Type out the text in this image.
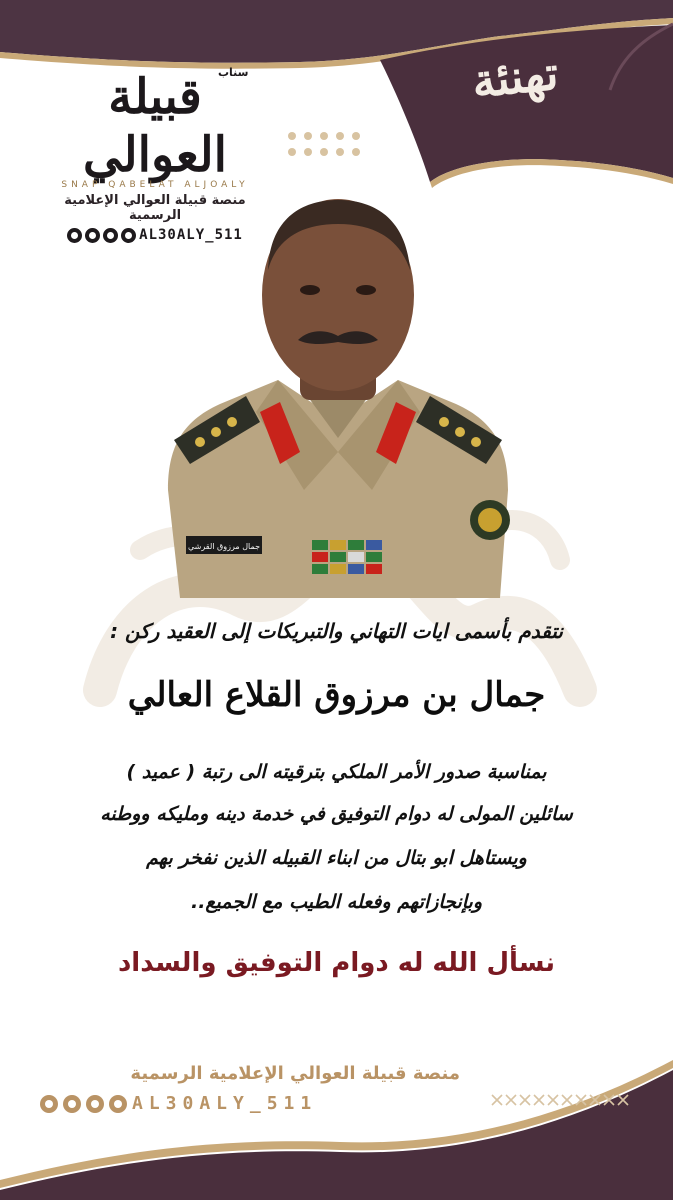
سناب
قبيلة العوالي
SNAP QABELAT ALJOALY
منصة قبيلة العوالي الإعلامية الرسمية
AL30ALY_511
تهنئة
جمال مرزوق القرشي
نتقدم بأسمى ايات التهاني والتبريكات إلى العقيد ركن :
جمال بن مرزوق القلاع العالي
بمناسبة صدور الأمر الملكي بترقيته الى رتبة ( عميد )
سائلين المولى له دوام التوفيق في خدمة دينه ومليكه ووطنه
ويستاهل ابو بتال من ابناء القبيله الذين نفخر بهم
وبإنجازاتهم وفعله الطيب مع الجميع..
نسأل الله له دوام التوفيق والسداد
منصة قبيلة العوالي الإعلامية الرسمية
AL30ALY_511
